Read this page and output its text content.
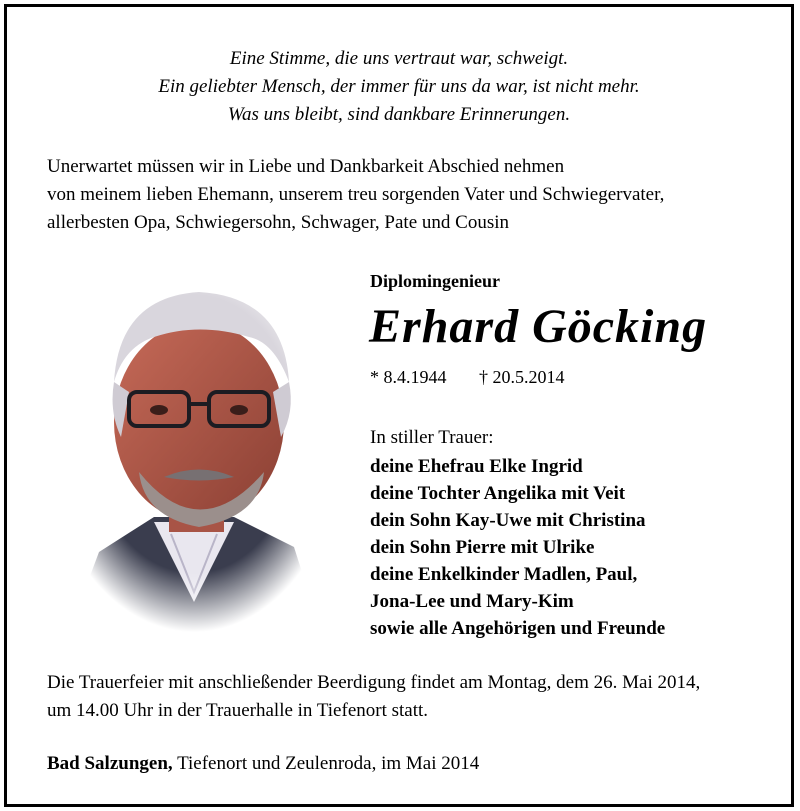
Eine Stimme, die uns vertraut war, schweigt.
Ein geliebter Mensch, der immer für uns da war, ist nicht mehr.
Was uns bleibt, sind dankbare Erinnerungen.
Unerwartet müssen wir in Liebe und Dankbarkeit Abschied nehmen
von meinem lieben Ehemann, unserem treu sorgenden Vater und Schwiegervater,
allerbesten Opa, Schwiegersohn, Schwager, Pate und Cousin
Diplomingenieur
Erhard Göcking
* 8.4.1944 † 20.5.2014
In stiller Trauer:
deine Ehefrau Elke Ingrid
deine Tochter Angelika mit Veit
dein Sohn Kay-Uwe mit Christina
dein Sohn Pierre mit Ulrike
deine Enkelkinder Madlen, Paul,
Jona-Lee und Mary-Kim
sowie alle Angehörigen und Freunde
Die Trauerfeier mit anschließender Beerdigung findet am Montag, dem 26. Mai 2014,
um 14.00 Uhr in der Trauerhalle in Tiefenort statt.
Bad Salzungen, Tiefenort und Zeulenroda, im Mai 2014
